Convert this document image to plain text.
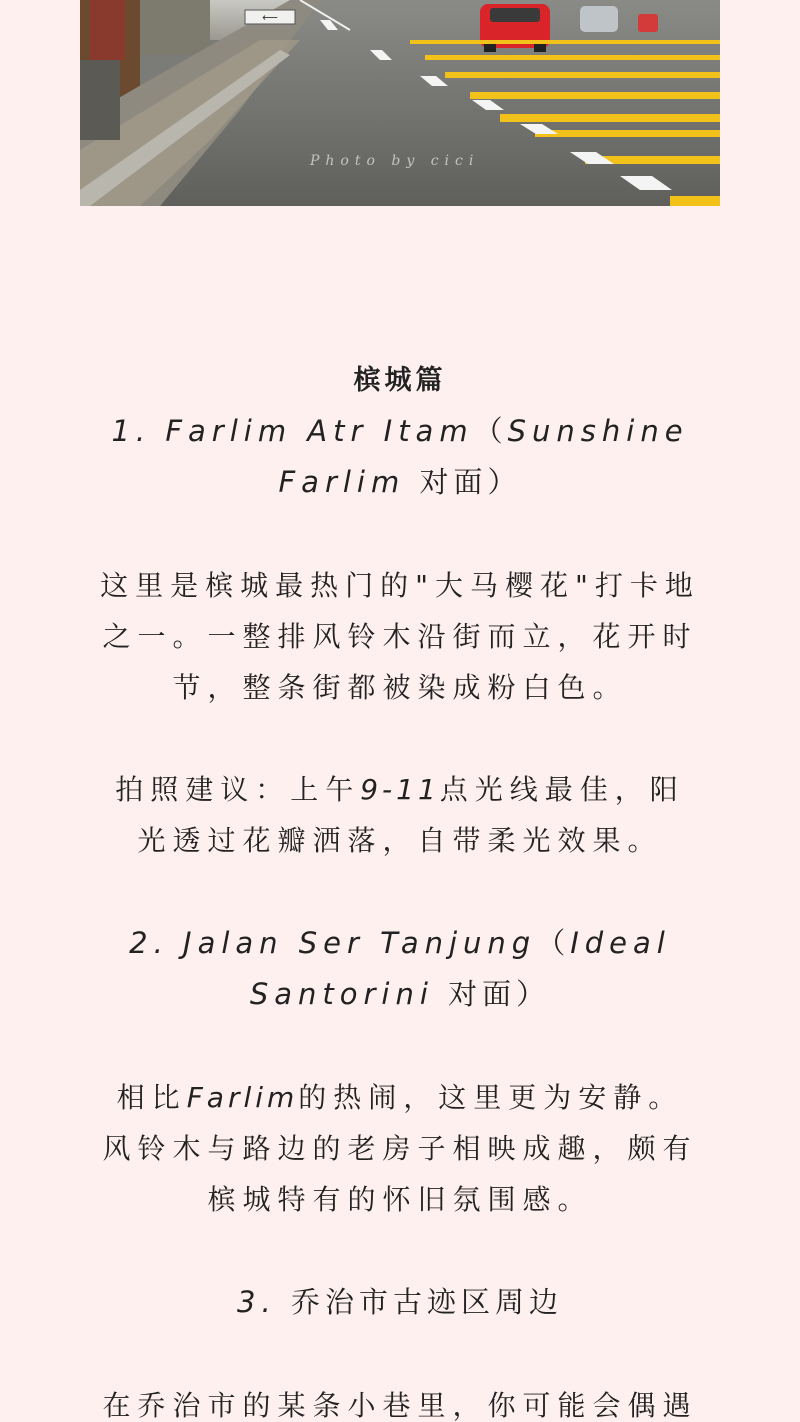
⟵
Photo by cici
槟城篇
1. Farlim Atr Itam（Sunshine
Farlim 对面）
这里是槟城最热门的"大马樱花"打卡地
之一。一整排风铃木沿街而立，花开时
节，整条街都被染成粉白色。
拍照建议：上午9-11点光线最佳，阳
光透过花瓣洒落，自带柔光效果。
2. Jalan Ser Tanjung（Ideal
Santorini 对面）
相比Farlim的热闹，这里更为安静。
风铃木与路边的老房子相映成趣，颇有
槟城特有的怀旧氛围感。
3. 乔治市古迹区周边
在乔治市的某条小巷里，你可能会偶遇
